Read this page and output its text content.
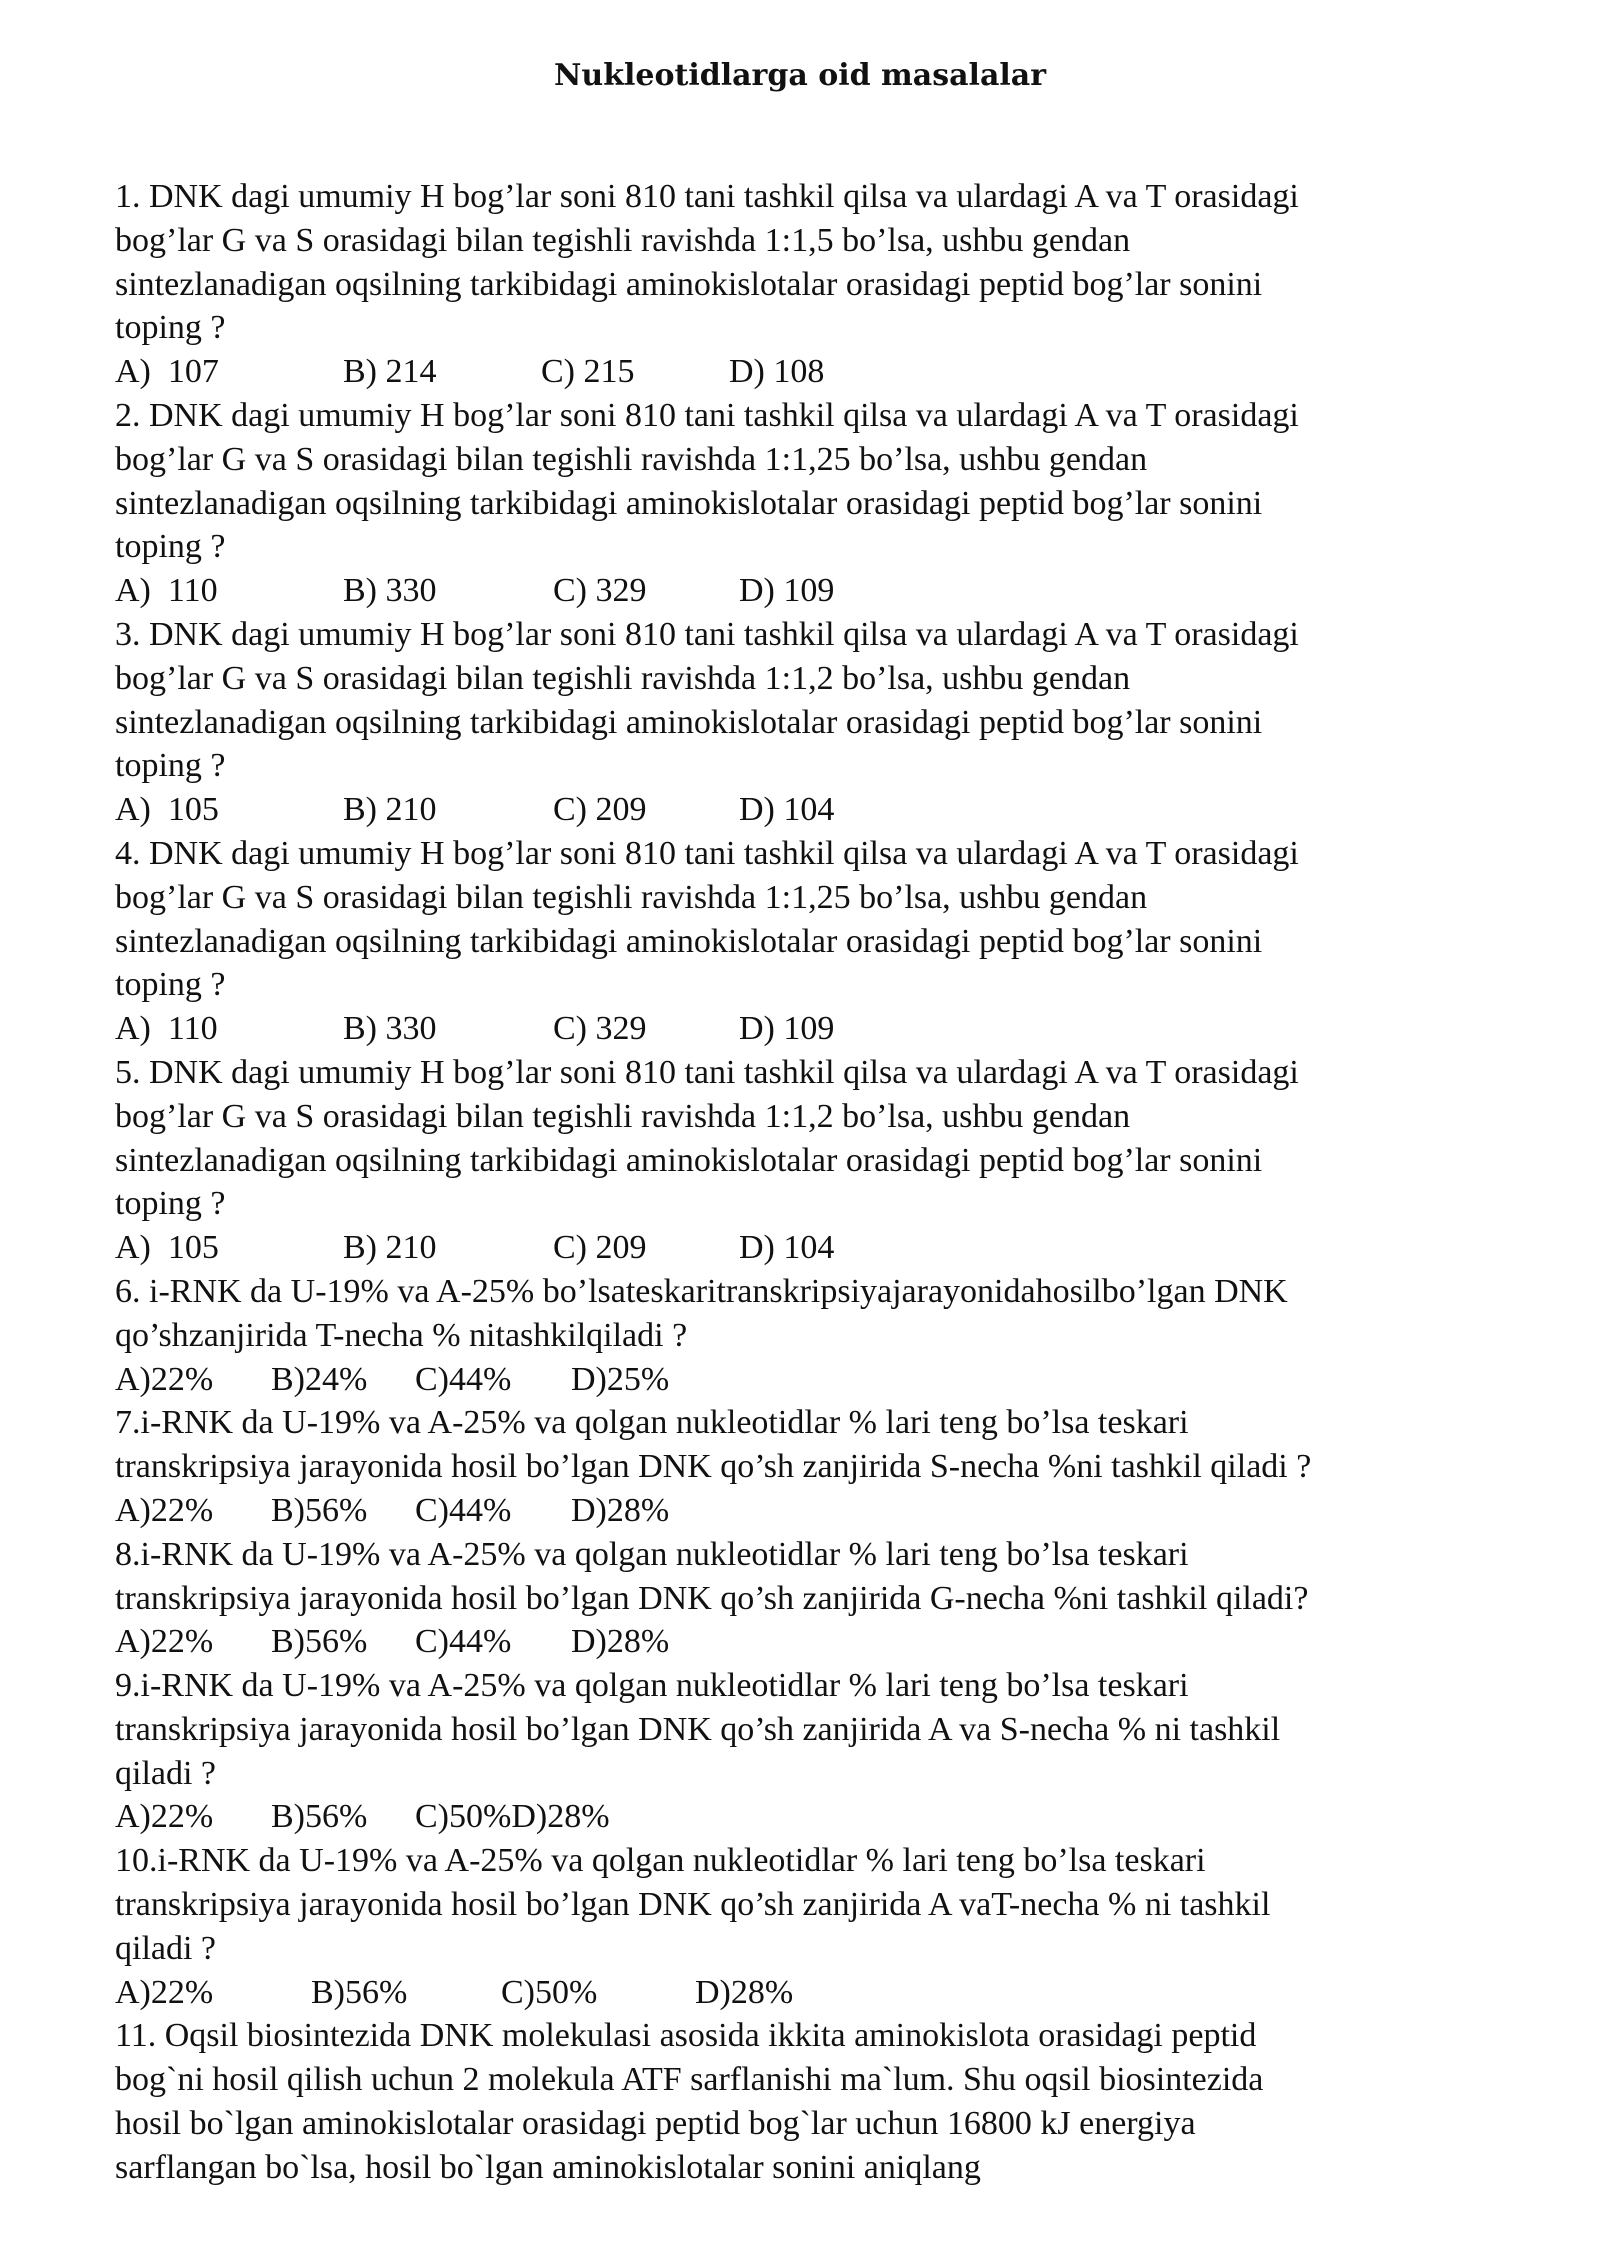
Nukleotidlarga oid masalalar
1. DNK dagi umumiy H bog’lar soni 810 tani tashkil qilsa va ulardagi A va T orasidagi
bog’lar G va S orasidagi bilan tegishli ravishda 1:1,5 bo’lsa, ushbu gendan
sintezlanadigan oqsilning tarkibidagi aminokislotalar orasidagi peptid bog’lar sonini
toping ?
A)  107	B) 214	C) 215	D) 108
2. DNK dagi umumiy H bog’lar soni 810 tani tashkil qilsa va ulardagi A va T orasidagi
bog’lar G va S orasidagi bilan tegishli ravishda 1:1,25 bo’lsa, ushbu gendan
sintezlanadigan oqsilning tarkibidagi aminokislotalar orasidagi peptid bog’lar sonini
toping ?
A)  110	B) 330	C) 329	D) 109
3. DNK dagi umumiy H bog’lar soni 810 tani tashkil qilsa va ulardagi A va T orasidagi
bog’lar G va S orasidagi bilan tegishli ravishda 1:1,2 bo’lsa, ushbu gendan
sintezlanadigan oqsilning tarkibidagi aminokislotalar orasidagi peptid bog’lar sonini
toping ?
A)  105	B) 210	C) 209	D) 104
4. DNK dagi umumiy H bog’lar soni 810 tani tashkil qilsa va ulardagi A va T orasidagi
bog’lar G va S orasidagi bilan tegishli ravishda 1:1,25 bo’lsa, ushbu gendan
sintezlanadigan oqsilning tarkibidagi aminokislotalar orasidagi peptid bog’lar sonini
toping ?
A)  110	B) 330	C) 329	D) 109
5. DNK dagi umumiy H bog’lar soni 810 tani tashkil qilsa va ulardagi A va T orasidagi
bog’lar G va S orasidagi bilan tegishli ravishda 1:1,2 bo’lsa, ushbu gendan
sintezlanadigan oqsilning tarkibidagi aminokislotalar orasidagi peptid bog’lar sonini
toping ?
A)  105	B) 210	C) 209	D) 104
6. i-RNK da U-19% va A-25% bo’lsateskaritranskripsiyajarayonidahosilbo’lgan DNK
qo’shzanjirida T-necha % nitashkilqiladi ?
A)22%	B)24%	C)44%	D)25%
7.i-RNK da U-19% va A-25% va qolgan nukleotidlar % lari teng bo’lsa teskari
transkripsiya jarayonida hosil bo’lgan DNK qo’sh zanjirida S-necha %ni tashkil qiladi ?
A)22%	B)56%	C)44%	D)28%
8.i-RNK da U-19% va A-25% va qolgan nukleotidlar % lari teng bo’lsa teskari
transkripsiya jarayonida hosil bo’lgan DNK qo’sh zanjirida G-necha %ni tashkil qiladi?
A)22%	B)56%	C)44%	D)28%
9.i-RNK da U-19% va A-25% va qolgan nukleotidlar % lari teng bo’lsa teskari
transkripsiya jarayonida hosil bo’lgan DNK qo’sh zanjirida A va S-necha % ni tashkil
qiladi ?
A)22%	B)56%	C)50%D)28%
10.i-RNK da U-19% va A-25% va qolgan nukleotidlar % lari teng bo’lsa teskari
transkripsiya jarayonida hosil bo’lgan DNK qo’sh zanjirida A vaT-necha % ni tashkil
qiladi ?
A)22%	B)56%	C)50%	D)28%
11. Oqsil biosintezida DNK molekulasi asosida ikkita aminokislota orasidagi peptid
bog`ni hosil qilish uchun 2 molekula ATF sarflanishi ma`lum. Shu oqsil biosintezida
hosil bo`lgan aminokislotalar orasidagi peptid bog`lar uchun 16800 kJ energiya
sarflangan bo`lsa, hosil bo`lgan aminokislotalar sonini aniqlang
